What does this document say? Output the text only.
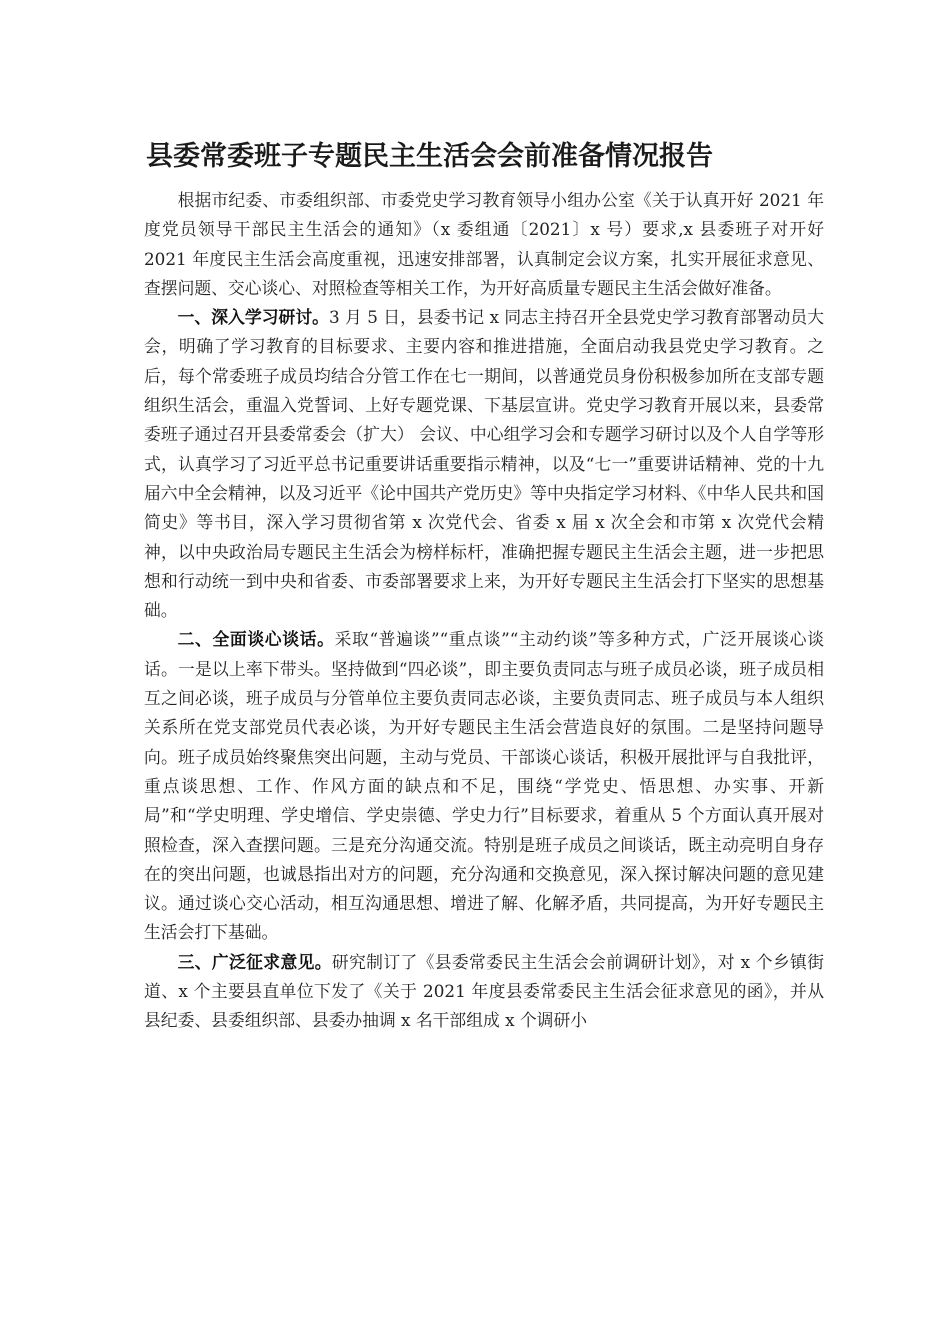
县委常委班子专题民主生活会会前准备情况报告

根据市纪委、市委组织部、市委党史学习教育领导小组办公室《关于认真开好 2021 年度党员领导干部民主生活会的通知》（x 委组通〔2021〕x 号）要求,x 县委班子对开好 2021 年度民主生活会高度重视，迅速安排部署，认真制定会议方案，扎实开展征求意见、查摆问题、交心谈心、对照检查等相关工作，为开好高质量专题民主生活会做好准备。

一、深入学习研讨。3 月 5 日，县委书记 x 同志主持召开全县党史学习教育部署动员大会，明确了学习教育的目标要求、主要内容和推进措施，全面启动我县党史学习教育。之后，每个常委班子成员均结合分管工作在七一期间，以普通党员身份积极参加所在支部专题组织生活会，重温入党誓词、上好专题党课、下基层宣讲。党史学习教育开展以来，县委常委班子通过召开县委常委会（扩大） 会议、中心组学习会和专题学习研讨以及个人自学等形式，认真学习了习近平总书记重要讲话重要指示精神，以及“七一”重要讲话精神、党的十九届六中全会精神，以及习近平《论中国共产党历史》等中央指定学习材料、《中华人民共和国简史》等书目，深入学习贯彻省第 x 次党代会、省委 x 届 x 次全会和市第 x 次党代会精神，以中央政治局专题民主生活会为榜样标杆，准确把握专题民主生活会主题，进一步把思想和行动统一到中央和省委、市委部署要求上来，为开好专题民主生活会打下坚实的思想基础。

二、全面谈心谈话。采取“普遍谈”“重点谈”“主动约谈”等多种方式，广泛开展谈心谈话。一是以上率下带头。坚持做到“四必谈”，即主要负责同志与班子成员必谈，班子成员相互之间必谈，班子成员与分管单位主要负责同志必谈，主要负责同志、班子成员与本人组织关系所在党支部党员代表必谈，为开好专题民主生活会营造良好的氛围。二是坚持问题导向。班子成员始终聚焦突出问题，主动与党员、干部谈心谈话，积极开展批评与自我批评，重点谈思想、工作、作风方面的缺点和不足，围绕“学党史、悟思想、办实事、开新局”和“学史明理、学史增信、学史崇德、学史力行”目标要求，着重从 5 个方面认真开展对照检查，深入查摆问题。三是充分沟通交流。特别是班子成员之间谈话，既主动亮明自身存在的突出问题，也诚恳指出对方的问题，充分沟通和交换意见，深入探讨解决问题的意见建议。通过谈心交心活动，相互沟通思想、增进了解、化解矛盾，共同提高，为开好专题民主生活会打下基础。

三、广泛征求意见。研究制订了《县委常委民主生活会会前调研计划》，对 x 个乡镇街道、x 个主要县直单位下发了《关于 2021 年度县委常委民主生活会征求意见的函》，并从县纪委、县委组织部、县委办抽调 x 名干部组成 x 个调研小
